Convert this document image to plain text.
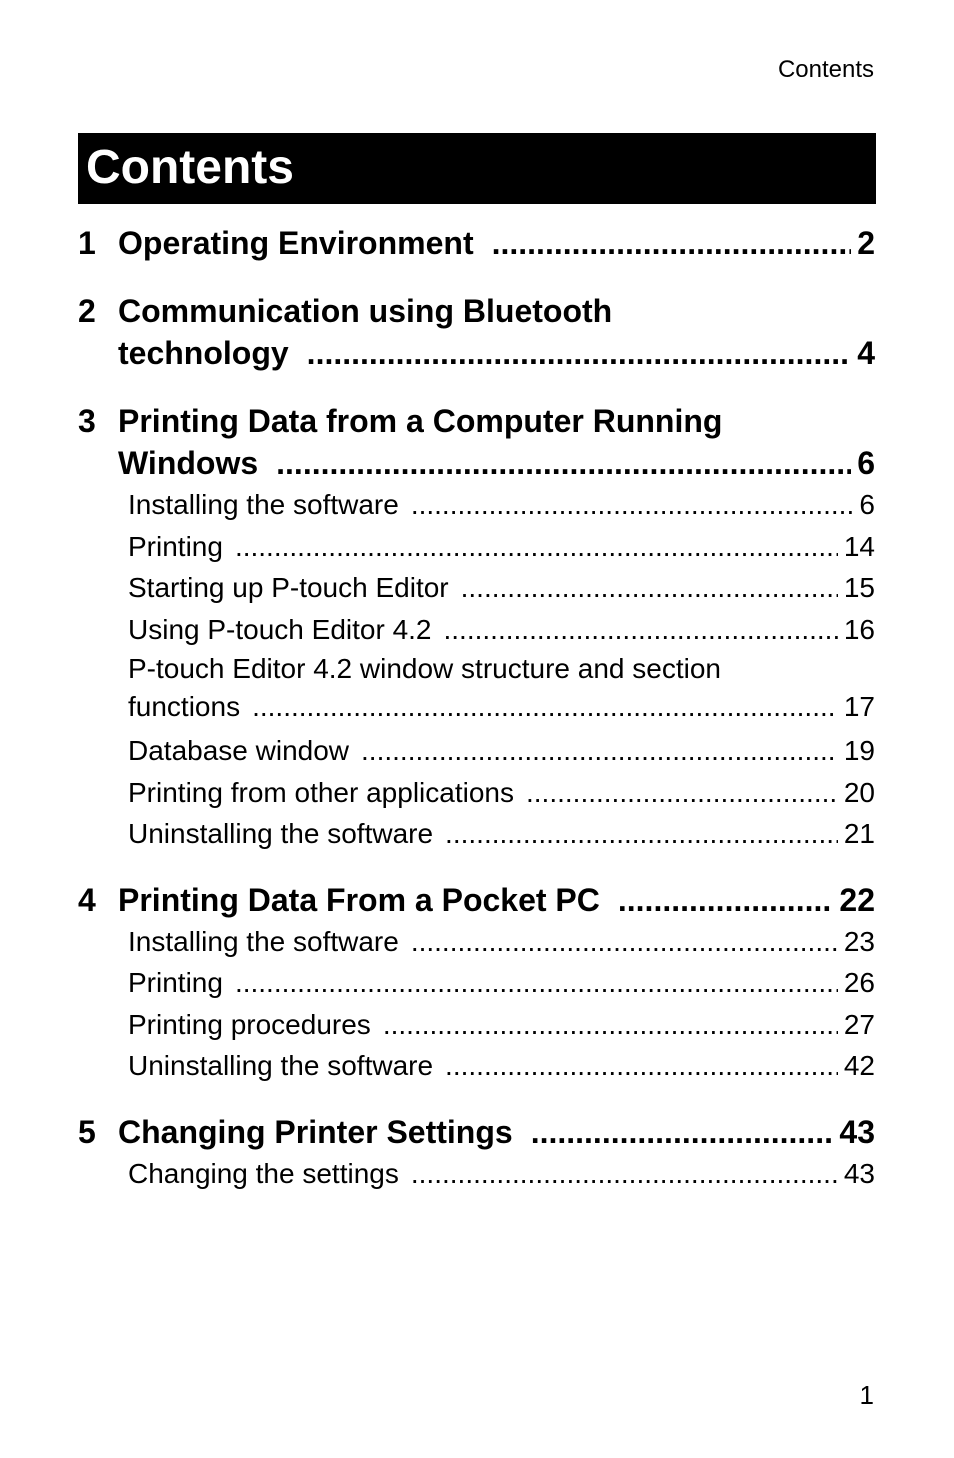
Contents
Contents
1 Operating Environment .....	2
2 Communication using Bluetooth
technology .....	4
3 Printing Data from a Computer Running
Windows .....	6
Installing the software .....	6
Printing .....	14
Starting up P-touch Editor .....	15
Using P-touch Editor 4.2 .....	16
P-touch Editor 4.2 window structure and section
functions .....	17
Database window .....	19
Printing from other applications .....	20
Uninstalling the software .....	21
4 Printing Data From a Pocket PC .....	22
Installing the software .....	23
Printing .....	26
Printing procedures .....	27
Uninstalling the software .....	42
5 Changing Printer Settings .....	43
Changing the settings .....	43
1
